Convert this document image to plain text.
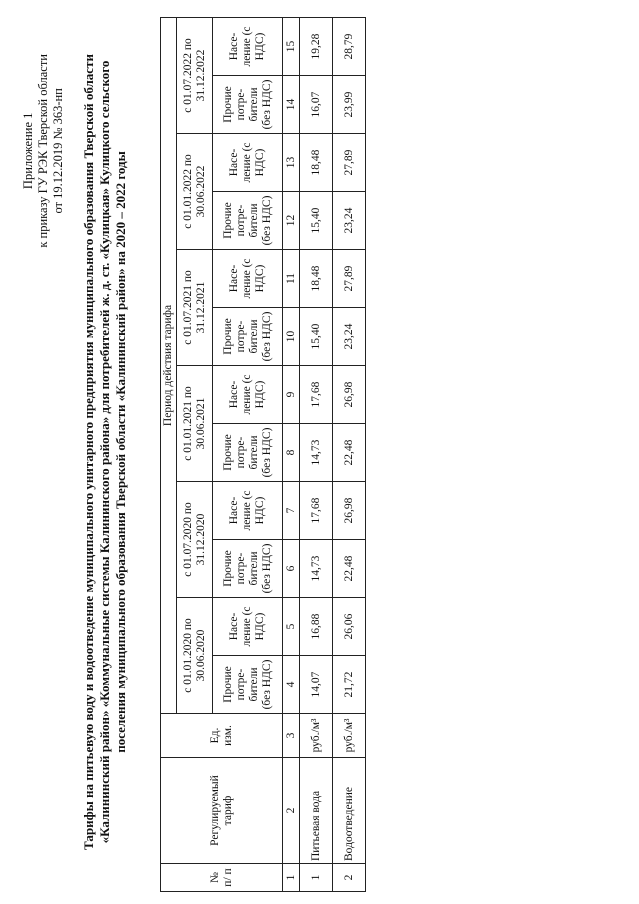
Приложение 1 к приказу ГУ РЭК Тверской области от 19.12.2019 № 363-нп Тарифы на питьевую воду и водоотведение муниципального унитарного предприятия муниципального образования Тверской области «Калининский район» «Коммунальные системы Калининского района» для потребителей ж. д. ст. «Кулицкая» Кулицкого сельского поселения муниципального образования Тверской области «Калининский район» на 2020 – 2022 годы
№ п/ п	Регулируемый тариф	Ед. изм.	Период действия тарифа											
			с 01.01.2020 по 30.06.2020		с 01.07.2020 по 31.12.2020		с 01.01.2021 по 30.06.2021		с 01.07.2021 по 31.12.2021		с 01.01.2022 по 30.06.2022		с 01.07.2022 по 31.12.2022	
			Прочие потре-бители (без НДС)	Насе-ление (с НДС)	Прочие потре-бители (без НДС)	Насе-ление (с НДС)	Прочие потре-бители (без НДС)	Насе-ление (с НДС)	Прочие потре-бители (без НДС)	Насе-ление (с НДС)	Прочие потре-бители (без НДС)	Насе-ление (с НДС)	Прочие потре-бители (без НДС)	Насе-ление (с НДС)
1	2	3	4	5	6	7	8	9	10	11	12	13	14	15
1	Питьевая вода	руб./м³	14,07	16,88	14,73	17,68	14,73	17,68	15,40	18,48	15,40	18,48	16,07	19,28
2	Водоотведение	руб./м³	21,72	26,06	22,48	26,98	22,48	26,98	23,24	27,89	23,24	27,89	23,99	28,79
